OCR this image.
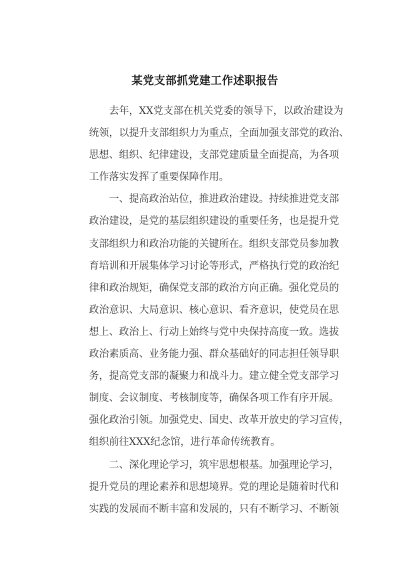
某党支部抓党建工作述职报告
去年，XX党支部在机关党委的领导下，以政治建设为
统领，以提升支部组织力为重点，全面加强支部党的政治、
思想、组织、纪律建设，支部党建质量全面提高，为各项
工作落实发挥了重要保障作用。
一、提高政治站位，推进政治建设。持续推进党支部
政治建设，是党的基层组织建设的重要任务，也是提升党
支部组织力和政治功能的关键所在。组织支部党员参加教
育培训和开展集体学习讨论等形式，严格执行党的政治纪
律和政治规矩，确保党支部的政治方向正确。强化党员的
政治意识、大局意识、核心意识、看齐意识，使党员在思
想上、政治上、行动上始终与党中央保持高度一致。选拔
政治素质高、业务能力强、群众基础好的同志担任领导职
务，提高党支部的凝聚力和战斗力。建立健全党支部学习
制度、会议制度、考核制度等，确保各项工作有序开展。
强化政治引领。加强党史、国史、改革开放史的学习宣传，
组织前往XXX纪念馆，进行革命传统教育。
二、深化理论学习，筑牢思想根基。加强理论学习，
提升党员的理论素养和思想境界。党的理论是随着时代和
实践的发展而不断丰富和发展的，只有不断学习、不断领
